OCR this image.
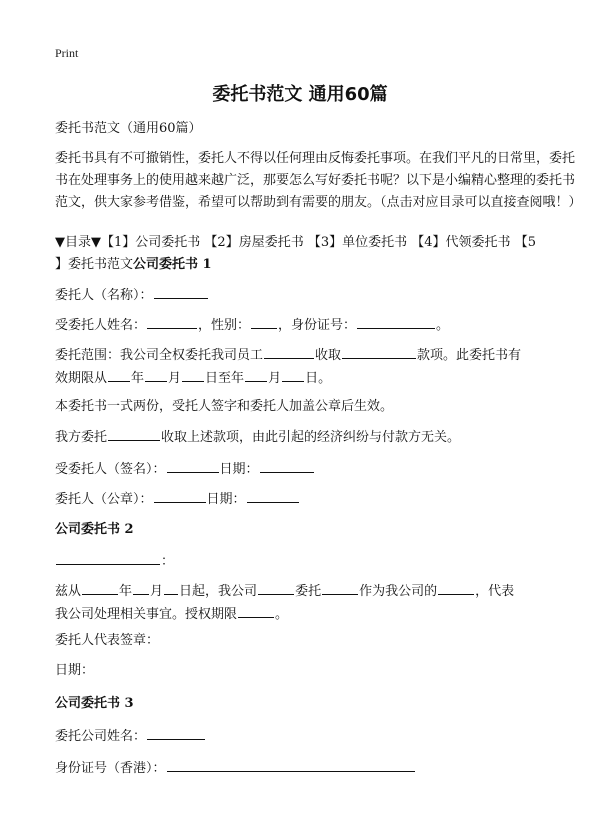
Print
委托书范文 通用60篇
委托书范文（通用60篇）
委托书具有不可撤销性，委托人不得以任何理由反悔委托事项。在我们平凡的日常里，委托书在处理事务上的使用越来越广泛，那要怎么写好委托书呢？以下是小编精心整理的委托书范文，供大家参考借鉴，希望可以帮助到有需要的朋友。（点击对应目录可以直接查阅哦！）
▼目录▼【1】公司委托书 【2】房屋委托书 【3】单位委托书 【4】代领委托书 【5
】委托书范文公司委托书 1
委托人（名称）：
受委托人姓名：	，性别： ，身份证号：	。
委托范围：我公司全权委托我司员工	收取	款项。此委托书有
效期限从 年 月 日至年 月 日。
本委托书一式两份，受托人签字和委托人加盖公章后生效。
我方委托	收取上述款项，由此引起的经济纠纷与付款方无关。
受委托人（签名）：	日期：
委托人（公章）：	日期：
公司委托书 2
：
兹从	年 月 日起，我公司	委托	作为我公司的	，代表
我公司处理相关事宜。授权期限	。
委托人代表签章：
日期：
公司委托书 3
委托公司姓名：
身份证号（香港）：
